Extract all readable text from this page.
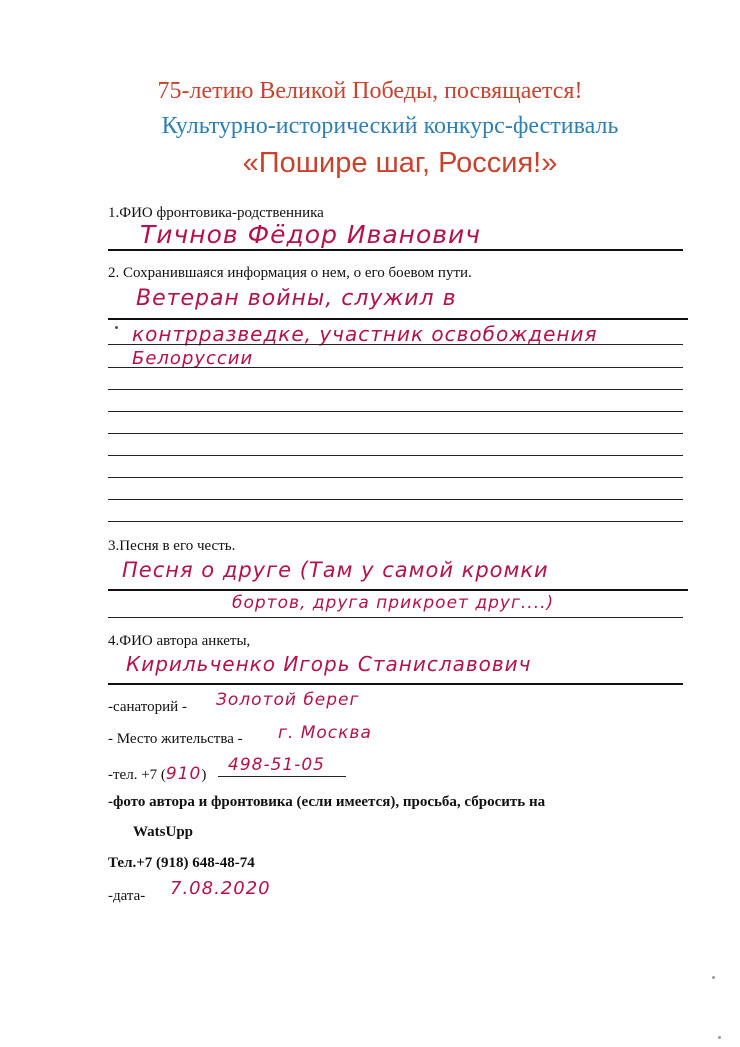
75-летию Великой Победы, посвящается!
Культурно-исторический конкурс-фестиваль
«Пошире шаг, Россия!»
1.ФИО фронтовика-родственника
Тичнов Фёдор Иванович
2. Сохранившаяся информация о нем, о его боевом пути.
Ветеран войны, служил в
контрразведке, участник освобождения
Белоруссии
3.Песня в его честь.
Песня о друге (Там у самой кромки
бортов, друга прикроет друг....)
4.ФИО автора анкеты,
Кирильченко Игорь Станиславович
-санаторий - Золотой берег
- Место жительства - г. Москва
-тел. +7 (910) 498-51-05
-фото автора и фронтовика (если имеется), просьба, сбросить на
WatsUpp
Тел.+7 (918) 648-48-74
-дата- 7.08.2020
